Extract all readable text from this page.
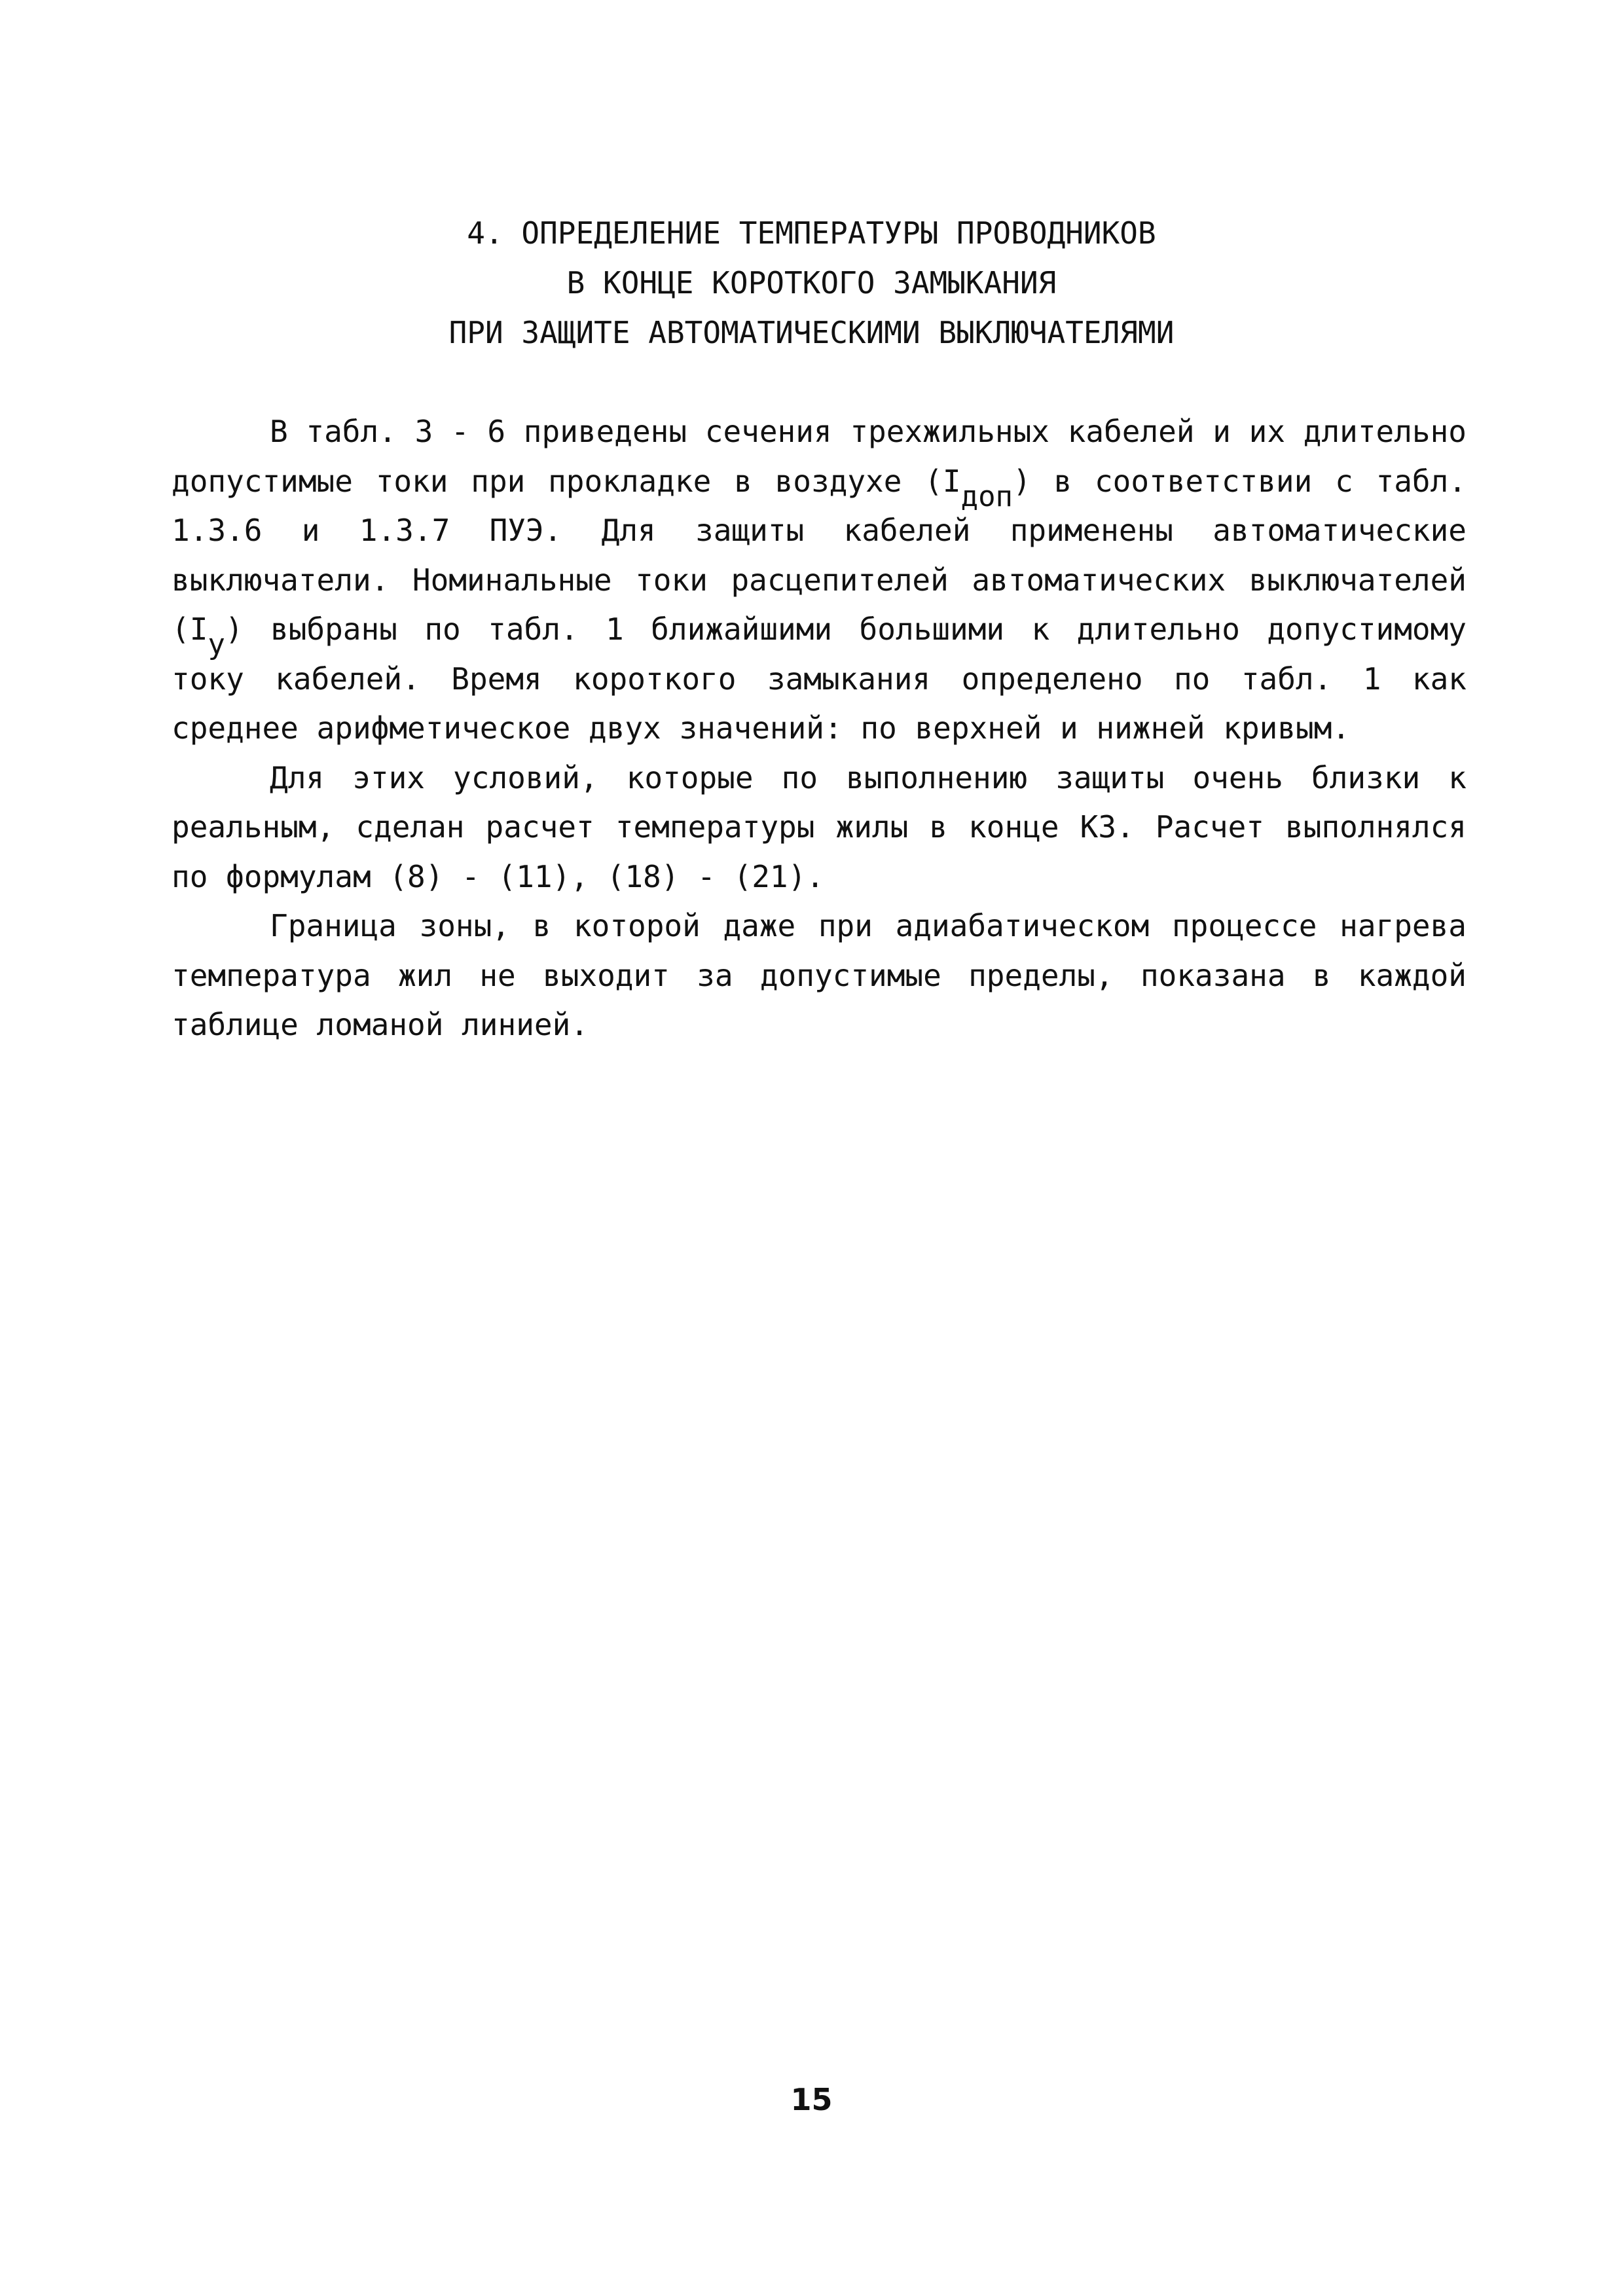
4. ОПРЕДЕЛЕНИЕ ТЕМПЕРАТУРЫ ПРОВОДНИКОВ
В КОНЦЕ КОРОТКОГО ЗАМЫКАНИЯ
ПРИ ЗАЩИТЕ АВТОМАТИЧЕСКИМИ ВЫКЛЮЧАТЕЛЯМИ

В табл. 3 - 6 приведены сечения трехжильных кабелей и их длительно допустимые токи при прокладке в воздухе $(I_{доп})$ в соответствии с табл. 1.3.6 и 1.3.7 ПУЭ. Для защиты кабелей применены автоматические выключатели. Номинальные токи расцепителей автоматических выключателей $(I_у)$ выбраны по табл. 1 ближайшими большими к длительно допустимому току кабелей. Время короткого замыкания определено по табл. 1 как среднее арифметическое двух значений: по верхней и нижней кривым.

Для этих условий, которые по выполнению защиты очень близки к реальным, сделан расчет температуры жилы в конце КЗ. Расчет выполнялся по формулам (8) - (11), (18) - (21).

Граница зоны, в которой даже при адиабатическом процессе нагрева температура жил не выходит за допустимые пределы, показана в каждой таблице ломаной линией.

15
